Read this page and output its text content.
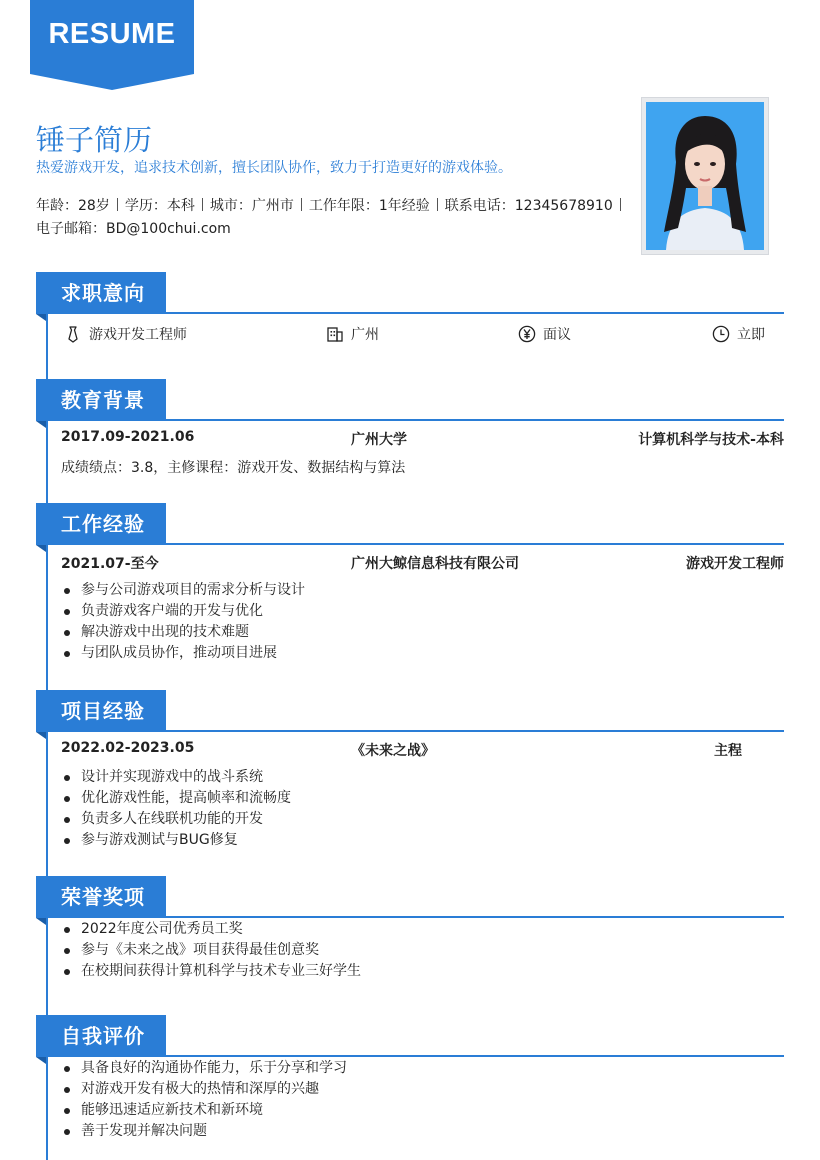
RESUME
锤子简历
热爱游戏开发，追求技术创新，擅长团队协作，致力于打造更好的游戏体验。
年龄：28岁 学历：本科 城市：广州市 工作年限：1年经验 联系电话：12345678910
电子邮箱：BD@100chui.com
求职意向
游戏开发工程师	广州	面议	立即
教育背景
2017.09-2021.06	广州大学	计算机科学与技术-本科
成绩绩点：3.8，主修课程：游戏开发、数据结构与算法
工作经验
2021.07-至今	广州大鲸信息科技有限公司	游戏开发工程师
参与公司游戏项目的需求分析与设计
负责游戏客户端的开发与优化
解决游戏中出现的技术难题
与团队成员协作，推动项目进展
项目经验
2022.02-2023.05	《未来之战》	主程
设计并实现游戏中的战斗系统
优化游戏性能，提高帧率和流畅度
负责多人在线联机功能的开发
参与游戏测试与BUG修复
荣誉奖项
2022年度公司优秀员工奖
参与《未来之战》项目获得最佳创意奖
在校期间获得计算机科学与技术专业三好学生
自我评价
具备良好的沟通协作能力，乐于分享和学习
对游戏开发有极大的热情和深厚的兴趣
能够迅速适应新技术和新环境
善于发现并解决问题
